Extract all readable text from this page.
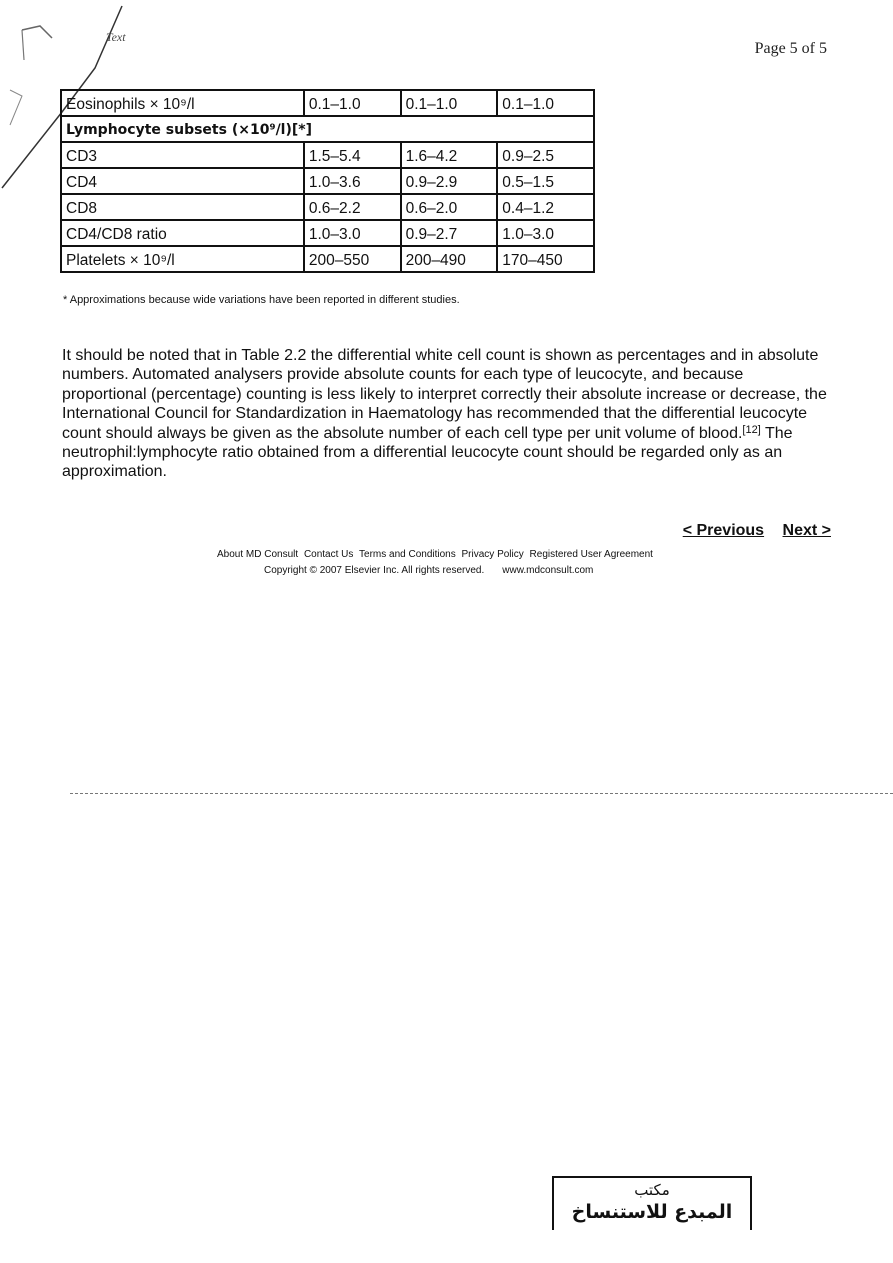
Text
Page 5 of 5
Eosinophils × 10⁹/l	0.1–1.0	0.1–1.0	0.1–1.0
Lymphocyte subsets (×10⁹/l)[*]			
CD3	1.5–5.4	1.6–4.2	0.9–2.5
CD4	1.0–3.6	0.9–2.9	0.5–1.5
CD8	0.6–2.2	0.6–2.0	0.4–1.2
CD4/CD8 ratio	1.0–3.0	0.9–2.7	1.0–3.0
Platelets × 10⁹/l	200–550	200–490	170–450
* Approximations because wide variations have been reported in different studies.

It should be noted that in Table 2.2 the differential white cell count is shown as percentages and in absolute numbers. Automated analysers provide absolute counts for each type of leucocyte, and because proportional (percentage) counting is less likely to interpret correctly their absolute increase or decrease, the International Council for Standardization in Haematology has recommended that the differential leucocyte count should always be given as the absolute number of each cell type per unit volume of blood.[12] The neutrophil:lymphocyte ratio obtained from a differential leucocyte count should be regarded only as an approximation.

< Previous Next >
About MD Consult Contact Us Terms and Conditions Privacy Policy Registered User Agreement
Copyright © 2007 Elsevier Inc. All rights reserved. www.mdconsult.com
مكتب
المبدع للاستنساخ
